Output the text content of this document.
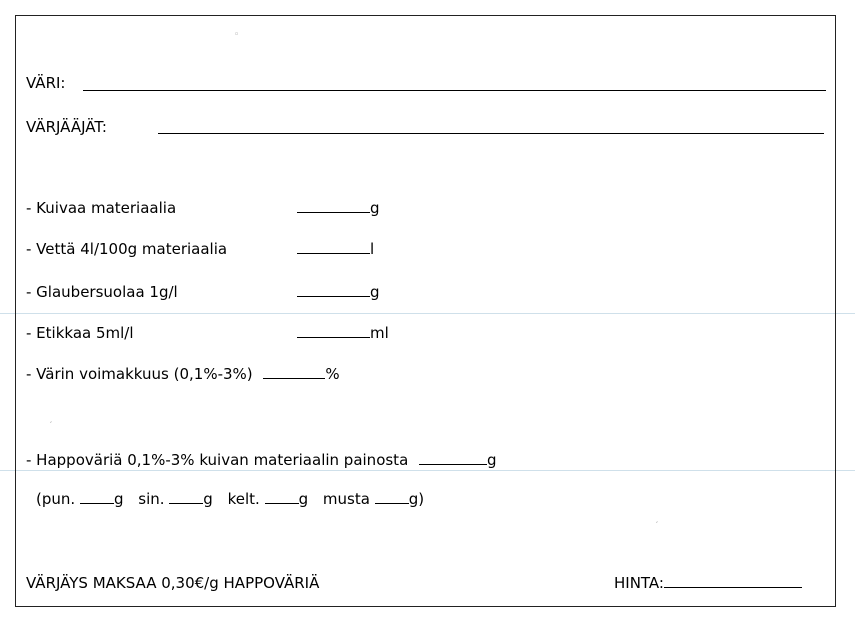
◦
′
′
VÄRI:
VÄRJÄÄJÄT:
- Kuivaa materiaalia	g
- Vettä 4l/100g materiaalia	l
- Glaubersuolaa 1g/l	g
- Etikkaa 5ml/l	ml
- Värin voimakkuus (0,1%-3%)	%
- Happoväriä 0,1%-3% kuivan materiaalin painosta	g
(pun.	g sin.	g kelt.	g musta	g)
VÄRJÄYS MAKSAA 0,30€/g HAPPOVÄRIÄ	HINTA:
